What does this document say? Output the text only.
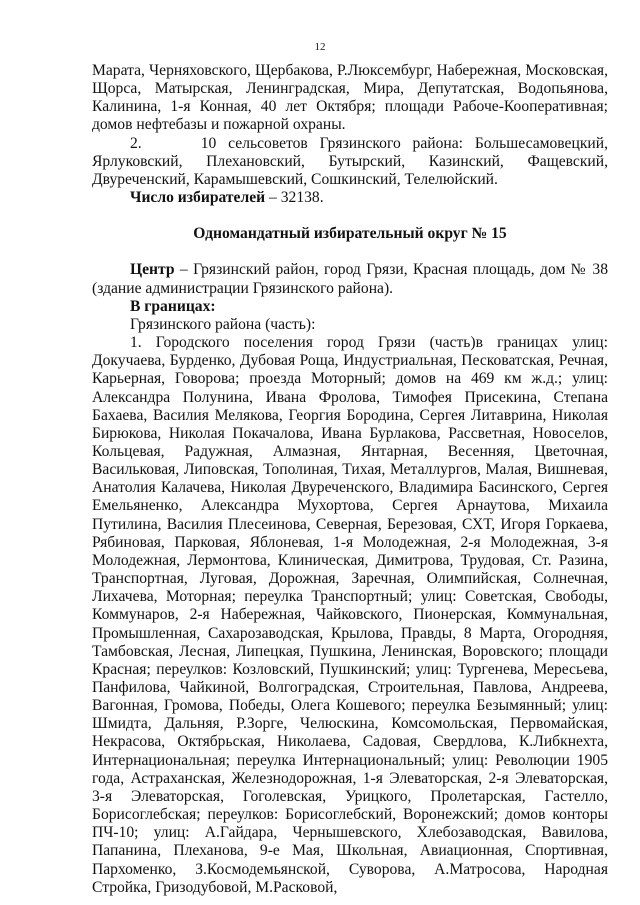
12

Марата, Черняховского, Щербакова, Р.Люксембург, Набережная, Московская, Щорса, Матырская, Ленинградская, Мира, Депутатская, Водопьянова, Калинина, 1-я Конная, 40 лет Октября; площади Рабоче-Кооперативная; домов нефтебазы и пожарной охраны.

2.     10 сельсоветов Грязинского района: Большесамовецкий, Ярлуковский, Плехановский, Бутырский, Казинский, Фащевский, Двуреченский, Карамышевский, Сошкинский, Телелюйский.

Число избирателей – 32138.

Одномандатный избирательный округ № 15

Центр – Грязинский район, город Грязи, Красная площадь, дом № 38 (здание администрации Грязинского района).

В границах:

Грязинского района (часть):

1. Городского поселения город Грязи (часть)в границах улиц: Докучаева, Бурденко, Дубовая Роща, Индустриальная, Песковатская, Речная, Карьерная, Говорова; проезда Моторный; домов на 469 км ж.д.; улиц: Александра Полунина, Ивана Фролова, Тимофея Присекина, Степана Бахаева, Василия Мелякова, Георгия Бородина, Сергея Литаврина, Николая Бирюкова, Николая Покачалова, Ивана Бурлакова, Рассветная, Новоселов, Кольцевая, Радужная, Алмазная, Янтарная, Весенняя, Цветочная, Васильковая, Липовская, Тополиная, Тихая, Металлургов, Малая, Вишневая, Анатолия Калачева, Николая Двуреченского, Владимира Басинского, Сергея Емельяненко, Александра Мухортова, Сергея Арнаутова, Михаила Путилина, Василия Плесеинова, Северная, Березовая, СХТ, Игоря Горкаева, Рябиновая, Парковая, Яблоневая, 1-я Молодежная, 2-я Молодежная, 3-я Молодежная, Лермонтова, Клиническая, Димитрова, Трудовая, Ст. Разина, Транспортная, Луговая, Дорожная, Заречная, Олимпийская, Солнечная, Лихачева, Моторная; переулка Транспортный; улиц: Советская, Свободы, Коммунаров, 2-я Набережная, Чайковского, Пионерская, Коммунальная, Промышленная, Сахарозаводская, Крылова, Правды, 8 Марта, Огородняя, Тамбовская, Лесная, Липецкая, Пушкина, Ленинская, Воровского; площади Красная; переулков: Козловский, Пушкинский; улиц: Тургенева, Мересьева, Панфилова, Чайкиной, Волгоградская, Строительная, Павлова, Андреева, Вагонная, Громова, Победы, Олега Кошевого; переулка Безымянный; улиц: Шмидта, Дальняя, Р.Зорге, Челюскина, Комсомольская, Первомайская, Некрасова, Октябрьская, Николаева, Садовая, Свердлова, К.Либкнехта, Интернациональная; переулка Интернациональный; улиц: Революции 1905 года, Астраханская, Железнодорожная, 1-я Элеваторская, 2-я Элеваторская, 3-я Элеваторская, Гоголевская, Урицкого, Пролетарская, Гастелло, Борисоглебская; переулков: Борисоглебский, Воронежский; домов конторы ПЧ-10; улиц: А.Гайдара, Чернышевского, Хлебозаводская, Вавилова, Папанина, Плеханова, 9-е Мая, Школьная, Авиационная, Спортивная, Пархоменко, З.Космодемьянской, Суворова, А.Матросова, Народная Стройка, Гризодубовой, М.Расковой,
